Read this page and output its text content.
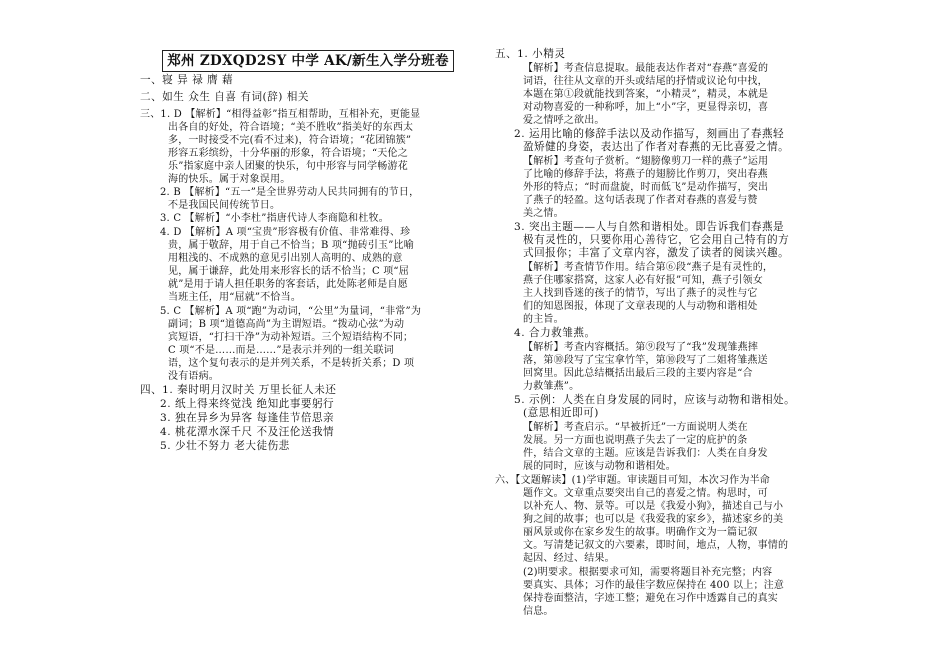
郑州 ZDXQD2SY 中学 AK/新生入学分班卷
一、寝 异 禄 膺 藉
二、如生 众生 自喜 有词(辞) 相关
三、1. D 【解析】“相得益彰”指互相帮助，互相补充，更能显
出各自的好处，符合语境；“美不胜收”指美好的东西太
多，一时接受不完(看不过来)，符合语境；“花团锦簇”
形容五彩缤纷，十分华丽的形象，符合语境；“天伦之
乐”指家庭中亲人团聚的快乐，句中形容与同学畅游花
海的快乐。属于对象误用。
2. B 【解析】“五一”是全世界劳动人民共同拥有的节日，
不是我国民间传统节日。
3. C 【解析】“小李杜”指唐代诗人李商隐和杜牧。
4. D 【解析】A 项“宝贵”形容极有价值、非常难得、珍
贵，属于敬辞，用于自己不恰当；B 项“抛砖引玉”比喻
用粗浅的、不成熟的意见引出别人高明的、成熟的意
见，属于谦辞，此处用来形容长的话不恰当；C 项“屈
就”是用于请人担任职务的客套话，此处陈老师是自愿
当班主任，用“屈就”不恰当。
5. C 【解析】A 项“跑”为动词，“公里”为量词，“非常”为
副词；B 项“道德高尚”为主谓短语。“拨动心弦”为动
宾短语，“打扫干净”为动补短语。三个短语结构不同；
C 项“不是……而是……”是表示并列的一组关联词
语，这个复句表示的是并列关系，不是转折关系；D 项
没有语病。
四、1. 秦时明月汉时关 万里长征人未还
2. 纸上得来终觉浅 绝知此事要躬行
3. 独在异乡为异客 每逢佳节倍思亲
4. 桃花潭水深千尺 不及汪伦送我情
5. 少壮不努力 老大徒伤悲
五、1. 小精灵
【解析】考查信息提取。最能表达作者对“春燕”喜爱的
词语，往往从文章的开头或结尾的抒情或议论句中找，
本题在第①段就能找到答案，“小精灵”，精灵，本就是
对动物喜爱的一种称呼，加上“小”字，更显得亲切，喜
爱之情呼之欲出。
2. 运用比喻的修辞手法以及动作描写，刻画出了春燕轻
盈矫健的身姿，表达出了作者对春燕的无比喜爱之情。
【解析】考查句子赏析。“翅膀像剪刀一样的燕子”运用
了比喻的修辞手法，将燕子的翅膀比作剪刀，突出春燕
外形的特点；“时而盘旋，时而低飞”是动作描写，突出
了燕子的轻盈。这句话表现了作者对春燕的喜爱与赞
美之情。
3. 突出主题——人与自然和谐相处。即告诉我们春燕是
极有灵性的，只要你用心善待它，它会用自己特有的方
式回报你；丰富了文章内容，激发了读者的阅读兴趣。
【解析】考查情节作用。结合第⑥段“燕子是有灵性的，
燕子住哪家搭窝，这家人必有好报”可知，燕子引领女
主人找到昏迷的孩子的情节，写出了燕子的灵性与它
们的知恩图报，体现了文章表现的人与动物和谐相处
的主旨。
4. 合力救雏燕。
【解析】考查内容概括。第⑨段写了“我”发现雏燕摔
落，第⑩段写了宝宝拿竹竿，第⑩段写了二姐将雏燕送
回窝里。因此总结概括出最后三段的主要内容是“合
力救雏燕”。
5. 示例：人类在自身发展的同时，应该与动物和谐相处。
(意思相近即可)
【解析】考查启示。“早被折迁”一方面说明人类在
发展。另一方面也说明燕子失去了一定的庇护的条
件，结合文章的主题。应该是告诉我们：人类在自身发
展的同时，应该与动物和谐相处。
六、【文题解读】(1)学审题。审读题目可知，本次习作为半命
题作文。文章重点要突出自己的喜爱之情。构思时，可
以补充人、物、景等。可以是《我爱小狗》，描述自己与小
狗之间的故事；也可以是《我爱我的家乡》，描述家乡的美
丽风景或你在家乡发生的故事。明确作文为一篇记叙
文。写清楚记叙文的六要素，即时间，地点，人物，事情的
起因、经过、结果。
(2)明要求。根据要求可知，需要将题目补充完整；内容
要真实、具体；习作的最佳字数应保持在 400 以上；注意
保持卷面整洁，字迹工整；避免在习作中透露自己的真实
信息。
